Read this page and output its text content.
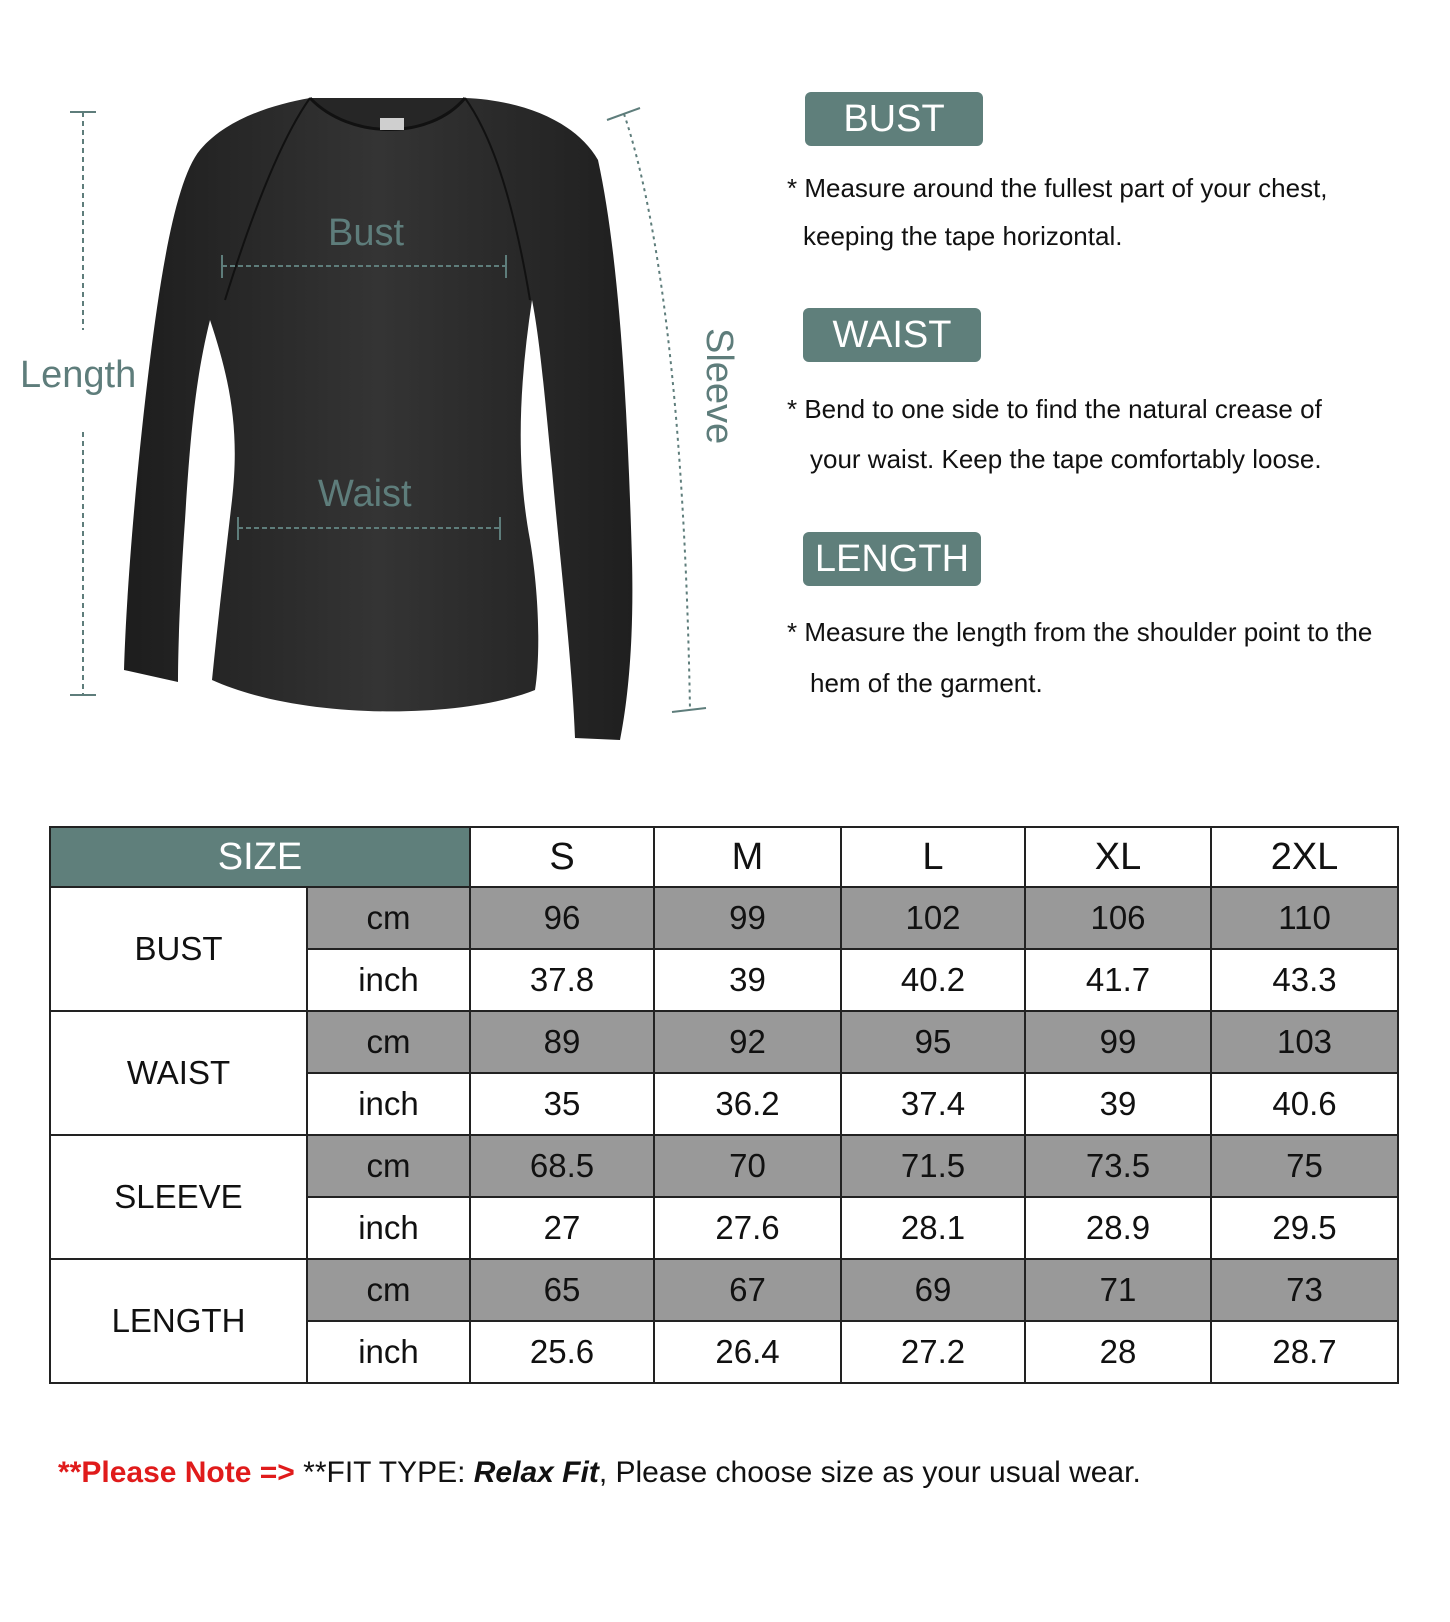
Length
Bust
Waist
Sleeve
BUST
* Measure around the fullest part of your chest,
keeping the tape horizontal.
WAIST
* Bend to one side to find the natural crease of
your waist. Keep the tape comfortably loose.
LENGTH
* Measure the length from the shoulder point to the
hem of the garment.
SIZE		S	M	L	XL	2XL
BUST	cm	96	99	102	106	110
	inch	37.8	39	40.2	41.7	43.3
WAIST	cm	89	92	95	99	103
	inch	35	36.2	37.4	39	40.6
SLEEVE	cm	68.5	70	71.5	73.5	75
	inch	27	27.6	28.1	28.9	29.5
LENGTH	cm	65	67	69	71	73
	inch	25.6	26.4	27.2	28	28.7
**Please Note => **FIT TYPE: Relax Fit, Please choose size as your usual wear.
